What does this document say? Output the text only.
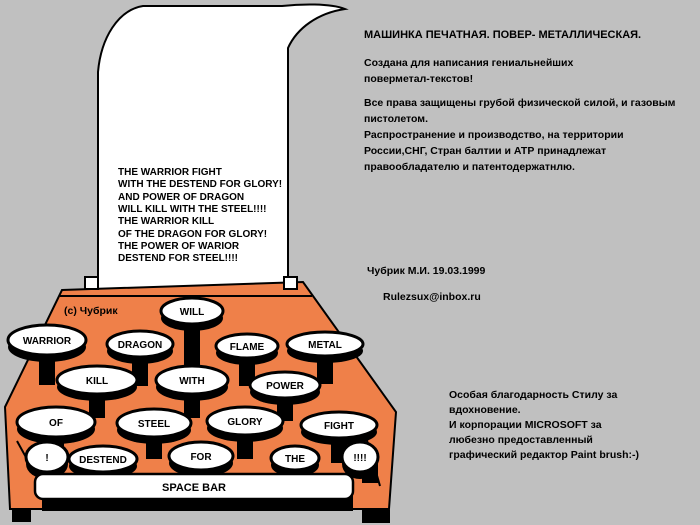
THE WARRIOR FIGHT
WITH THE DESTEND FOR GLORY!
AND POWER OF DRAGON
WILL KILL WITH THE STEEL!!!!
THE WARRIOR KILL
OF THE DRAGON FOR GLORY!
THE POWER OF WARIOR
DESTEND FOR STEEL!!!!
(с) Чубрик	WILL
WARRIOR	DRAGON	FLAME	METAL
KILL	WITH	POWER
OF	STEEL	GLORY	FIGHT
!	DESTEND	FOR	THE	!!!!
SPACE BAR
МАШИНКА ПЕЧАТНАЯ. ПОВЕР- МЕТАЛЛИЧЕСКАЯ.
Создана для написания гениальнейших
поверметал-текстов!
Все права защищены грубой физической силой, и газовым
пистолетом.
Распространение и производство, на территории
России,СНГ, Стран балтии и АТР принадлежат
правообладателю и патентодержатнлю.
Чубрик М.И. 19.03.1999
Rulezsux@inbox.ru
Особая благодарность Стилу за
вдохновение.
И корпорации MICROSOFT за
любезно предоставленный
графический редактор Paint brush:-)
